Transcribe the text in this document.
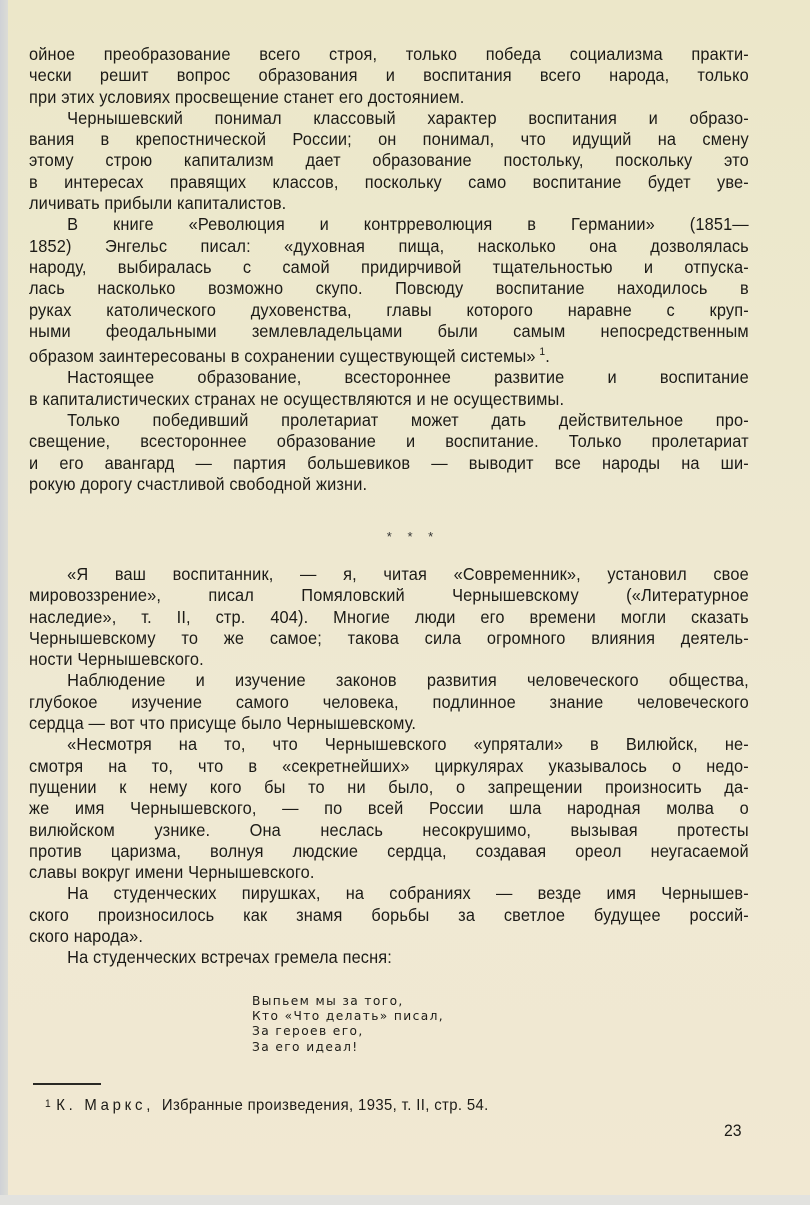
ойное преобразование всего строя, только победа социализма практи-
чески решит вопрос образования и воспитания всего народа, только
при этих условиях просвещение станет его достоянием.
Чернышевский понимал классовый характер воспитания и образо-
вания в крепостнической России; он понимал, что идущий на смену
этому строю капитализм дает образование постольку, поскольку это
в интересах правящих классов, поскольку само воспитание будет уве-
личивать прибыли капиталистов.
В книге «Революция и контрреволюция в Германии» (1851—
1852) Энгельс писал: «духовная пища, насколько она дозволялась
народу, выбиралась с самой придирчивой тщательностью и отпуска-
лась насколько возможно скупо. Повсюду воспитание находилось в
руках католического духовенства, главы которого наравне с круп-
ными феодальными землевладельцами были самым непосредственным
образом заинтересованы в сохранении существующей системы» $^1$.
Настоящее образование, всестороннее развитие и воспитание
в капиталистических странах не осуществляются и не осуществимы.
Только победивший пролетариат может дать действительное про-
свещение, всестороннее образование и воспитание. Только пролетариат
и его авангард — партия большевиков — выводит все народы на ши-
рокую дорогу счастливой свободной жизни.
* * *
«Я ваш воспитанник, — я, читая «Современник», установил свое
мировоззрение», писал Помяловский Чернышевскому («Литературное
наследие», т. II, стр. 404). Многие люди его времени могли сказать
Чернышевскому то же самое; такова сила огромного влияния деятель-
ности Чернышевского.
Наблюдение и изучение законов развития человеческого общества,
глубокое изучение самого человека, подлинное знание человеческого
сердца — вот что присуще было Чернышевскому.
«Несмотря на то, что Чернышевского «упрятали» в Вилюйск, не-
смотря на то, что в «секретнейших» циркулярах указывалось о недо-
пущении к нему кого бы то ни было, о запрещении произносить да-
же имя Чернышевского, — по всей России шла народная молва о
вилюйском узнике. Она неслась несокрушимо, вызывая протесты
против царизма, волнуя людские сердца, создавая ореол неугасаемой
славы вокруг имени Чернышевского.
На студенческих пирушках, на собраниях — везде имя Чернышев-
ского произносилось как знамя борьбы за светлое будущее россий-
ского народа».
На студенческих встречах гремела песня:
Выпьем мы за того,
Кто «Что делать» писал,
За героев его,
За его идеал!
1 К. Маркс, Избранные произведения, 1935, т. II, стр. 54.
23
